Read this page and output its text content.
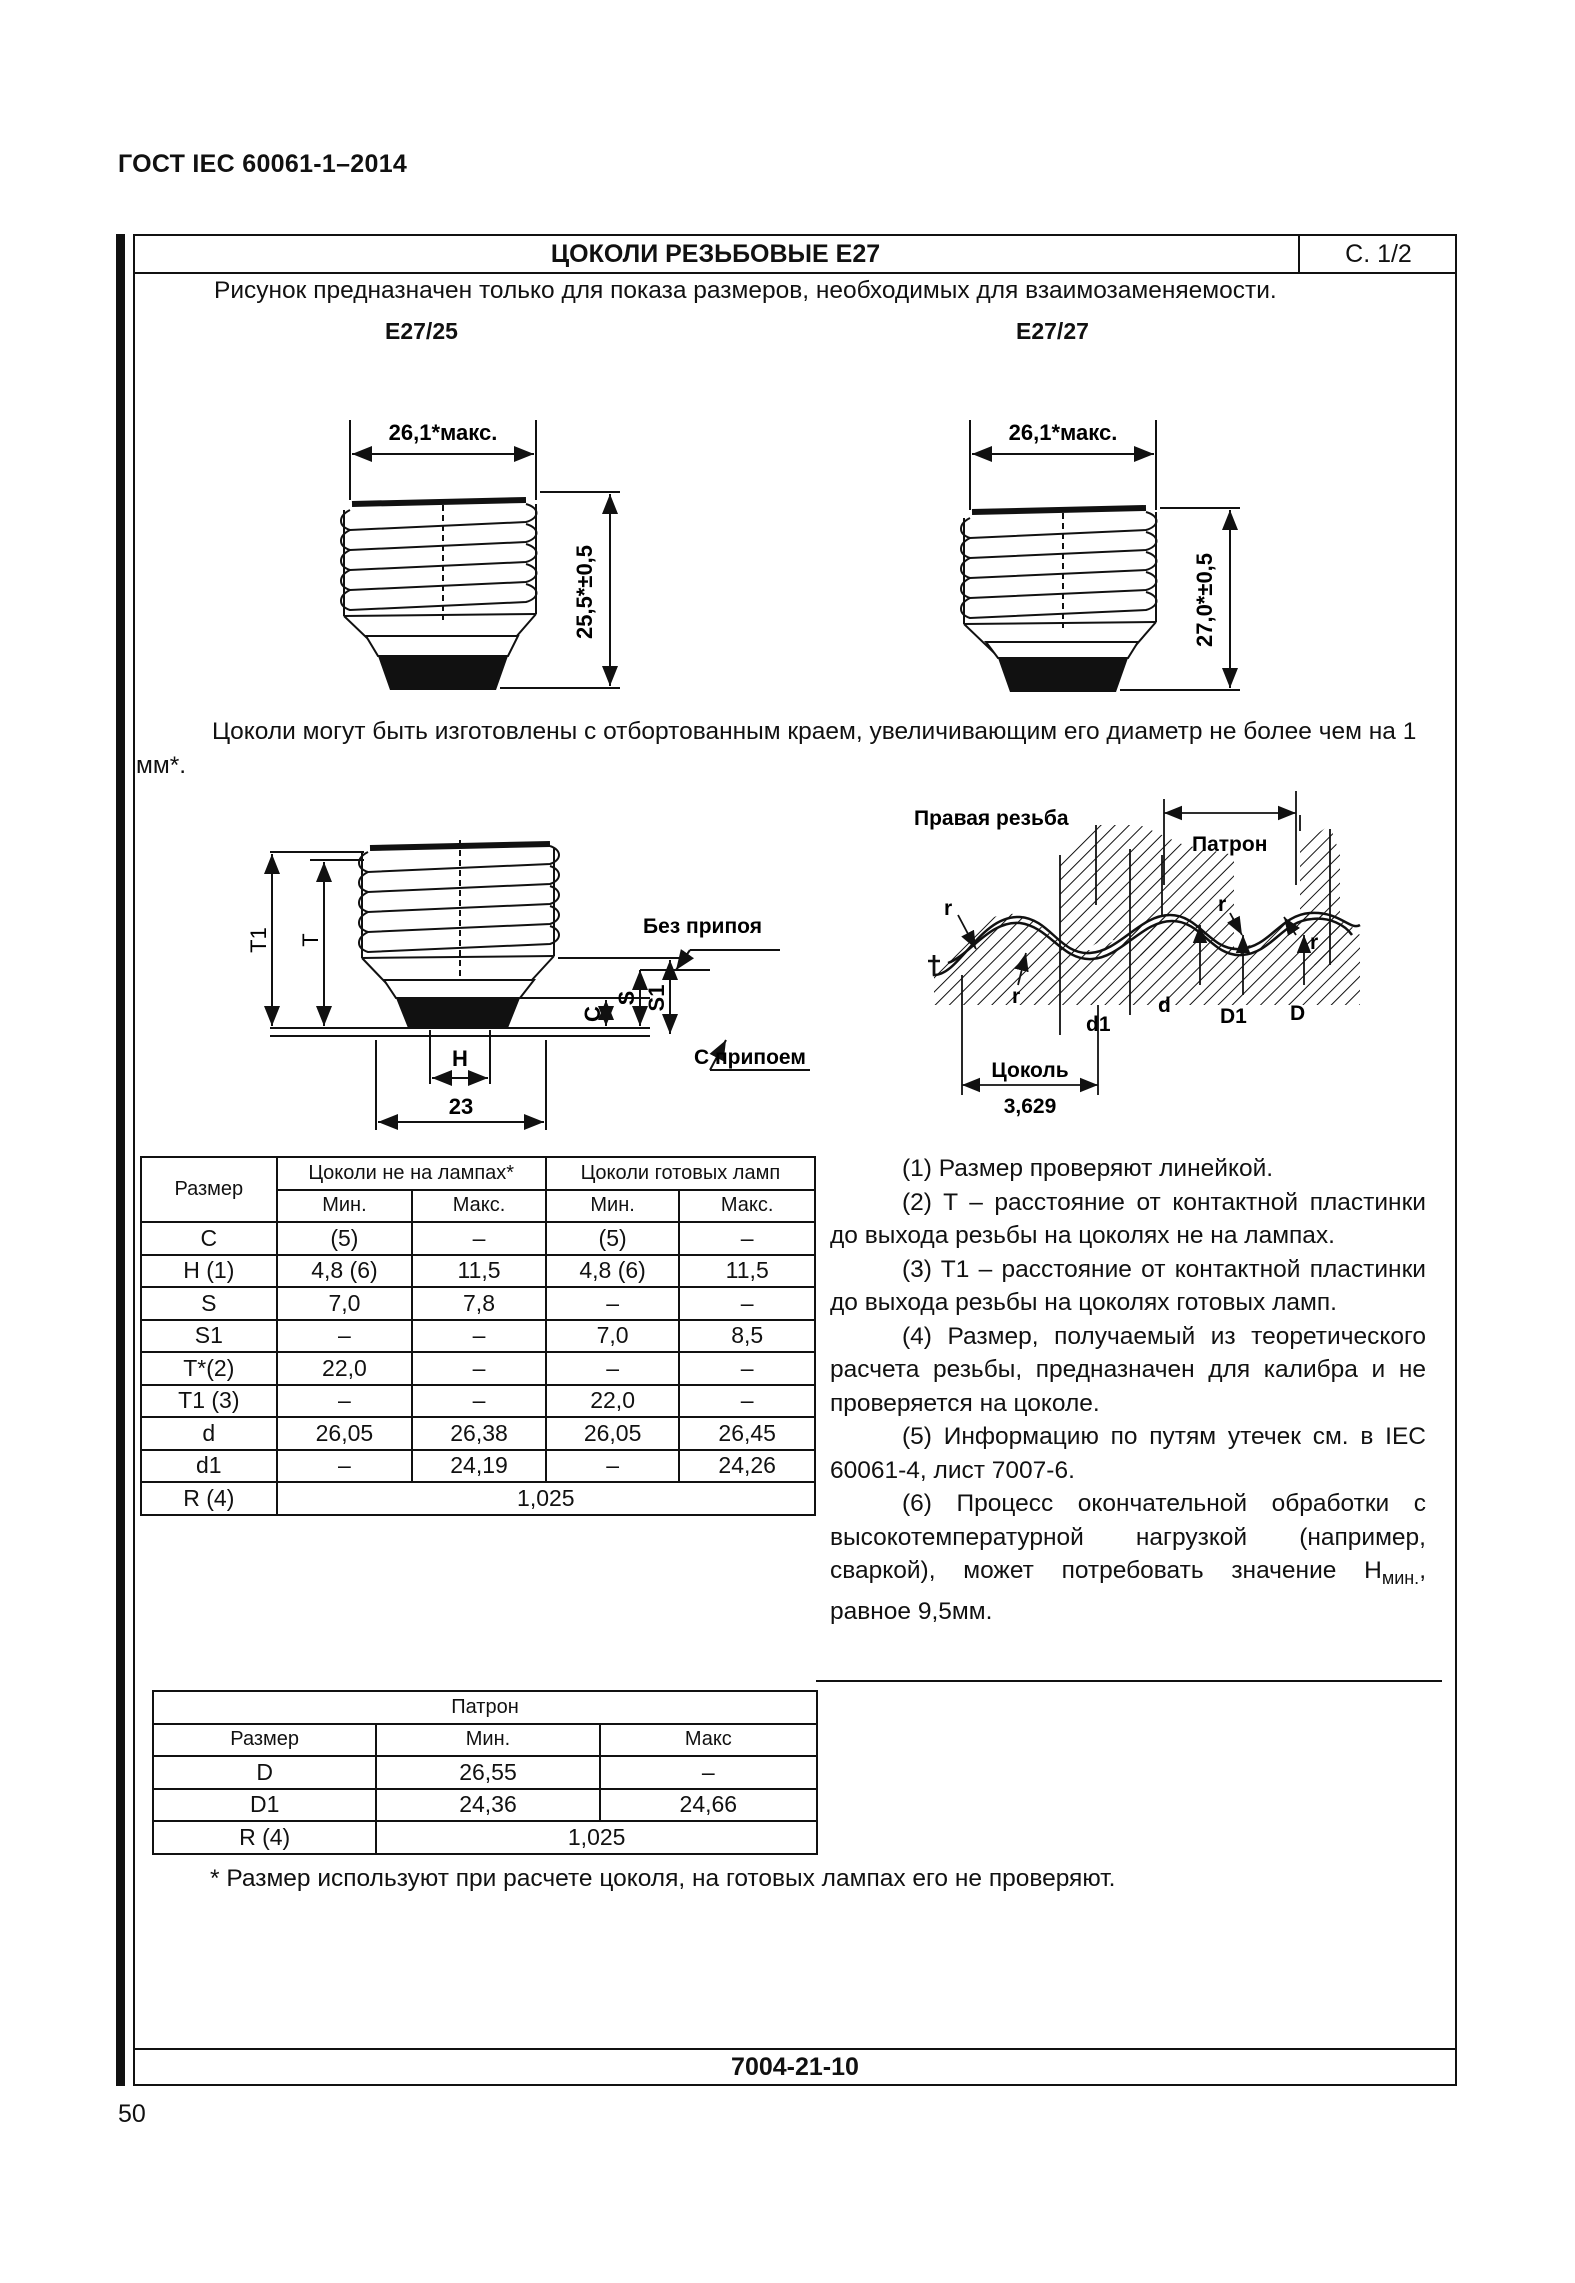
ГОСТ IEC 60061-1–2014
ЦОКОЛИ РЕЗЬБОВЫЕ Е27	С. 1/2
Рисунок предназначен только для показа размеров, необходимых для взаимозаменяемости.
E27/25	E27/27
26,1*макс.
25,5*±0,5
26,1*макс.
27,0*±0,5
Цоколи могут быть изготовлены с отбортованным краем, увеличивающим его диаметр не более чем на 1 мм*.
T1 T
C
S S1
H
23
Без припоя
С припоем
Правая резьба
Патрон
r
r
r
r
d
d1	D1 D
Цоколь
3,629
Размер	Цоколи не на лампах*		Цоколи готовых ламп	
	Мин.	Макс.	Мин.	Макс.
C	(5)	–	(5)	–
H (1)	4,8 (6)	11,5	4,8 (6)	11,5
S	7,0	7,8	–	–
S1	–	–	7,0	8,5
T*(2)	22,0	–	–	–
T1 (3)	–	–	22,0	–
d	26,05	26,38	26,05	26,45
d1	–	24,19	–	24,26
R (4)	1,025			

(1) Размер проверяют линейкой.

(2) T – расстояние от контактной пластинки до выхода резьбы на цоколях не на лампах.

(3) T1 – расстояние от контактной пластинки до выхода резьбы на цоколях готовых ламп.

(4) Размер, получаемый из теоретического расчета резьбы, предназначен для калибра и не проверяется на цоколе.

(5) Информацию по путям утечек см. в IEC 60061-4, лист 7007-6.

(6) Процесс окончательной обработки с высокотемпературной нагрузкой (например, сваркой), может потребовать значение $H_{мин.}$, равное 9,5мм.

Патрон		
Размер	Мин.	Макс
D	26,55	–
D1	24,36	24,66
R (4)	1,025	
* Размер используют при расчете цоколя, на готовых лампах его не проверяют.
7004-21-10
50
